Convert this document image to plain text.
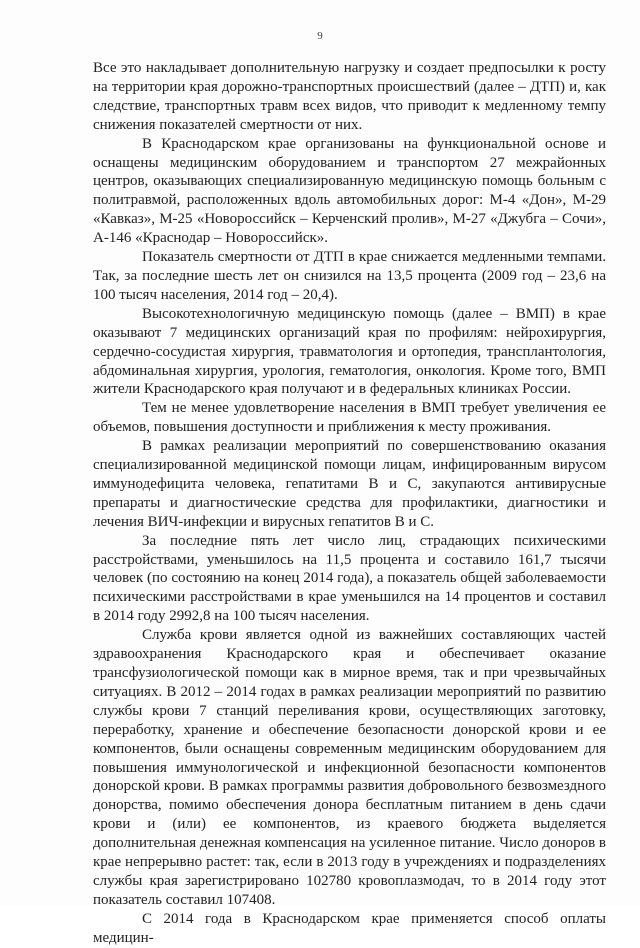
9

Все это накладывает дополнительную нагрузку и создает предпосылки к росту на территории края дорожно-транспортных происшествий (далее – ДТП) и, как следствие, транспортных травм всех видов, что приводит к медленному темпу снижения показателей смертности от них.

В Краснодарском крае организованы на функциональной основе и оснащены медицинским оборудованием и транспортом 27 межрайонных центров, оказывающих специализированную медицинскую помощь больным с политравмой, расположенных вдоль автомобильных дорог: М-4 «Дон», М-29 «Кавказ», М-25 «Новороссийск – Керченский пролив», М-27 «Джубга – Сочи», А-146 «Краснодар – Новороссийск».

Показатель смертности от ДТП в крае снижается медленными темпами. Так, за последние шесть лет он снизился на 13,5 процента (2009 год – 23,6 на 100 тысяч населения, 2014 год – 20,4).

Высокотехнологичную медицинскую помощь (далее – ВМП) в крае оказывают 7 медицинских организаций края по профилям: нейрохирургия, сердечно-сосудистая хирургия, травматология и ортопедия, трансплантология, абдоминальная хирургия, урология, гематология, онкология. Кроме того, ВМП жители Краснодарского края получают и в федеральных клиниках России.

Тем не менее удовлетворение населения в ВМП требует увеличения ее объемов, повышения доступности и приближения к месту проживания.

В рамках реализации мероприятий по совершенствованию оказания специализированной медицинской помощи лицам, инфицированным вирусом иммунодефицита человека, гепатитами В и С, закупаются антивирусные препараты и диагностические средства для профилактики, диагностики и лечения ВИЧ-инфекции и вирусных гепатитов В и С.

За последние пять лет число лиц, страдающих психическими расстройствами, уменьшилось на 11,5 процента и составило 161,7 тысячи человек (по состоянию на конец 2014 года), а показатель общей заболеваемости психическими расстройствами в крае уменьшился на 14 процентов и составил в 2014 году 2992,8 на 100 тысяч населения.

Служба крови является одной из важнейших составляющих частей здравоохранения Краснодарского края и обеспечивает оказание трансфузиологической помощи как в мирное время, так и при чрезвычайных ситуациях. В 2012 – 2014 годах в рамках реализации мероприятий по развитию службы крови 7 станций переливания крови, осуществляющих заготовку, переработку, хранение и обеспечение безопасности донорской крови и ее компонентов, были оснащены современным медицинским оборудованием для повышения иммунологической и инфекционной безопасности компонентов донорской крови. В рамках программы развития добровольного безвозмездного донорства, помимо обеспечения донора бесплатным питанием в день сдачи крови и (или) ее компонентов, из краевого бюджета выделяется дополнительная денежная компенсация на усиленное питание. Число доноров в крае непрерывно растет: так, если в 2013 году в учреждениях и подразделениях службы края зарегистрировано 102780 кровоплазмодач, то в 2014 году этот показатель составил 107408.

С 2014 года в Краснодарском крае применяется способ оплаты медицин-
